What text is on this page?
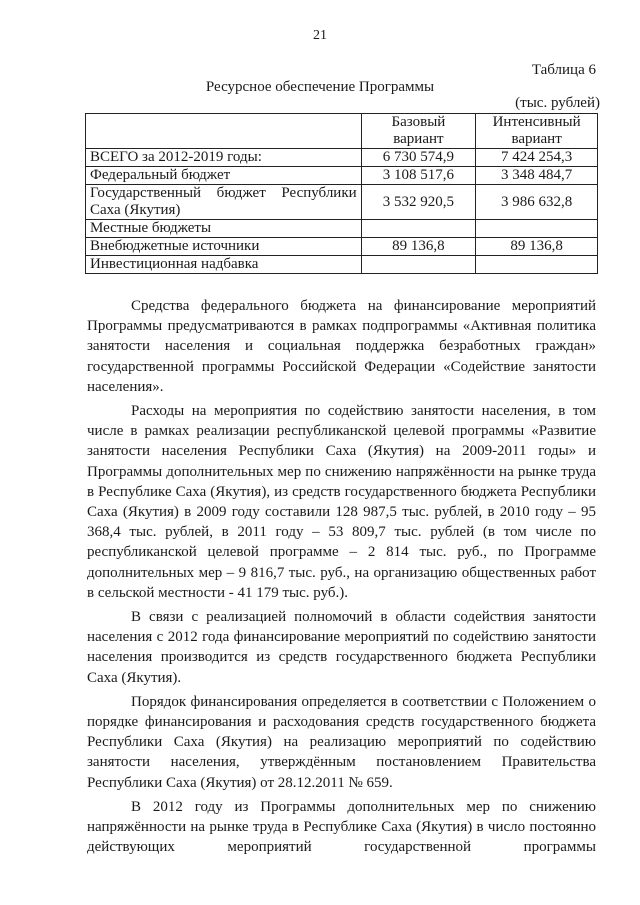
21
Таблица 6
Ресурсное обеспечение Программы
(тыс. рублей)
	Базовый вариант	Интенсивный вариант
ВСЕГО за 2012-2019 годы:	6 730 574,9	7 424 254,3
Федеральный бюджет	3 108 517,6	3 348 484,7
Государственный бюджет Республики Саха (Якутия)	3 532 920,5	3 986 632,8
Местные бюджеты		
Внебюджетные источники	89 136,8	89 136,8
Инвестиционная надбавка		

Средства федерального бюджета на финансирование мероприятий Программы предусматриваются в рамках подпрограммы «Активная политика занятости населения и социальная поддержка безработных граждан» государственной программы Российской Федерации «Содействие занятости населения».

Расходы на мероприятия по содействию занятости населения, в том числе в рамках реализации республиканской целевой программы «Развитие занятости населения Республики Саха (Якутия) на 2009-2011 годы» и Программы дополнительных мер по снижению напряжённости на рынке труда в Республике Саха (Якутия), из средств государственного бюджета Республики Саха (Якутия) в 2009 году составили 128 987,5 тыс. рублей, в 2010 году – 95 368,4 тыс. рублей, в 2011 году – 53 809,7 тыс. рублей (в том числе по республиканской целевой программе – 2 814 тыс. руб., по Программе дополнительных мер – 9 816,7 тыс. руб., на организацию общественных работ в сельской местности - 41 179 тыс. руб.).

В связи с реализацией полномочий в области содействия занятости населения с 2012 года финансирование мероприятий по содействию занятости населения производится из средств государственного бюджета Республики Саха (Якутия).

Порядок финансирования определяется в соответствии с Положением о порядке финансирования и расходования средств государственного бюджета Республики Саха (Якутия) на реализацию мероприятий по содействию занятости населения, утверждённым постановлением Правительства Республики Саха (Якутия) от 28.12.2011 № 659.

В 2012 году из Программы дополнительных мер по снижению напряжённости на рынке труда в Республике Саха (Якутия) в число постоянно действующих мероприятий государственной программы
